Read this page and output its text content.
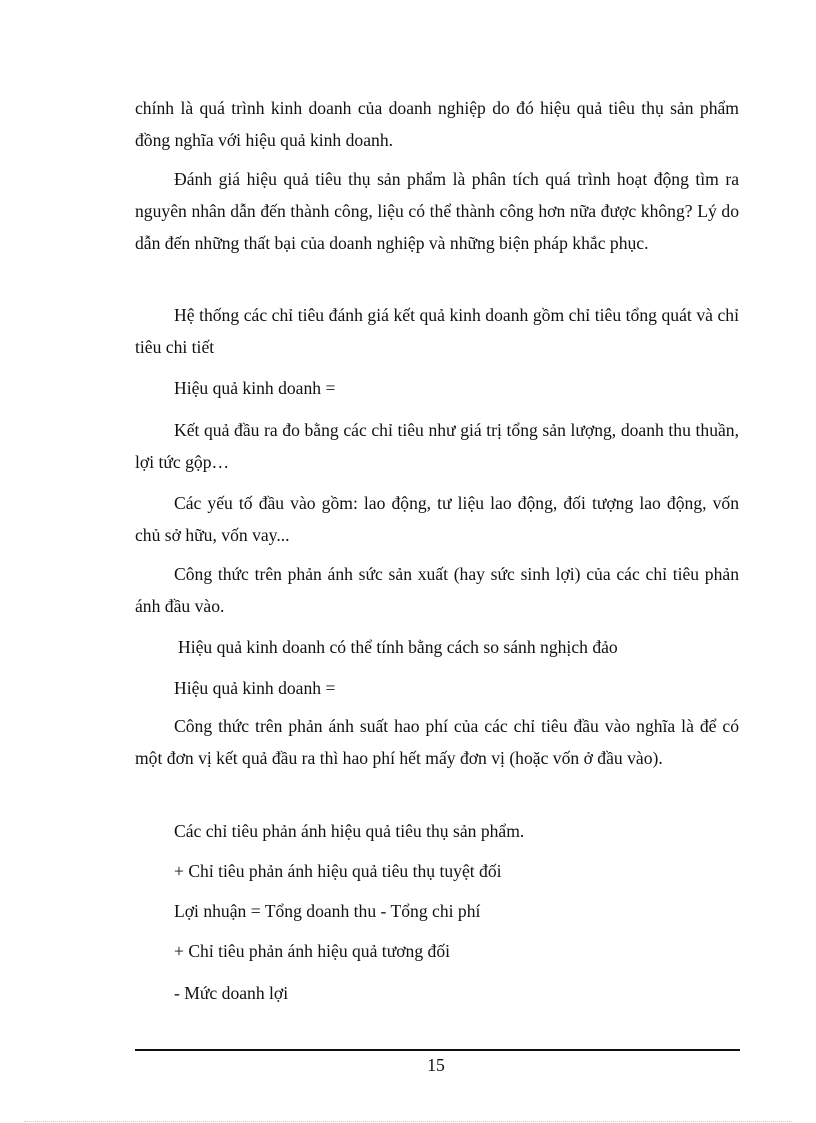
chính là quá trình kinh doanh của doanh nghiệp do đó hiệu quả tiêu thụ sản phẩm đồng nghĩa với hiệu quả kinh doanh.

Đánh giá hiệu quả tiêu thụ sản phẩm là phân tích quá trình hoạt động tìm ra nguyên nhân dẫn đến thành công, liệu có thể thành công hơn nữa được không? Lý do dẫn đến những thất bại của doanh nghiệp và những biện pháp khắc phục.

Hệ thống các chỉ tiêu đánh giá kết quả kinh doanh gồm chỉ tiêu tổng quát và chỉ tiêu chi tiết

Hiệu quả kinh doanh =

Kết quả đầu ra đo bằng các chỉ tiêu như giá trị tổng sản lượng, doanh thu thuần, lợi tức gộp…

Các yếu tố đầu vào gồm: lao động, tư liệu lao động, đối tượng lao động, vốn chủ sở hữu, vốn vay...

Công thức trên phản ánh sức sản xuất (hay sức sinh lợi) của các chỉ tiêu phản ánh đầu vào.

Hiệu quả kinh doanh có thể tính bằng cách so sánh nghịch đảo

Hiệu quả kinh doanh =

Công thức trên phản ánh suất hao phí của các chỉ tiêu đầu vào nghĩa là để có một đơn vị kết quả đầu ra thì hao phí hết mấy đơn vị (hoặc vốn ở đầu vào).

Các chỉ tiêu phản ánh hiệu quả tiêu thụ sản phẩm.

+ Chỉ tiêu phản ánh hiệu quả tiêu thụ tuyệt đối

Lợi nhuận = Tổng doanh thu - Tổng chi phí

+ Chỉ tiêu phản ánh hiệu quả tương đối

- Mức doanh lợi

15
